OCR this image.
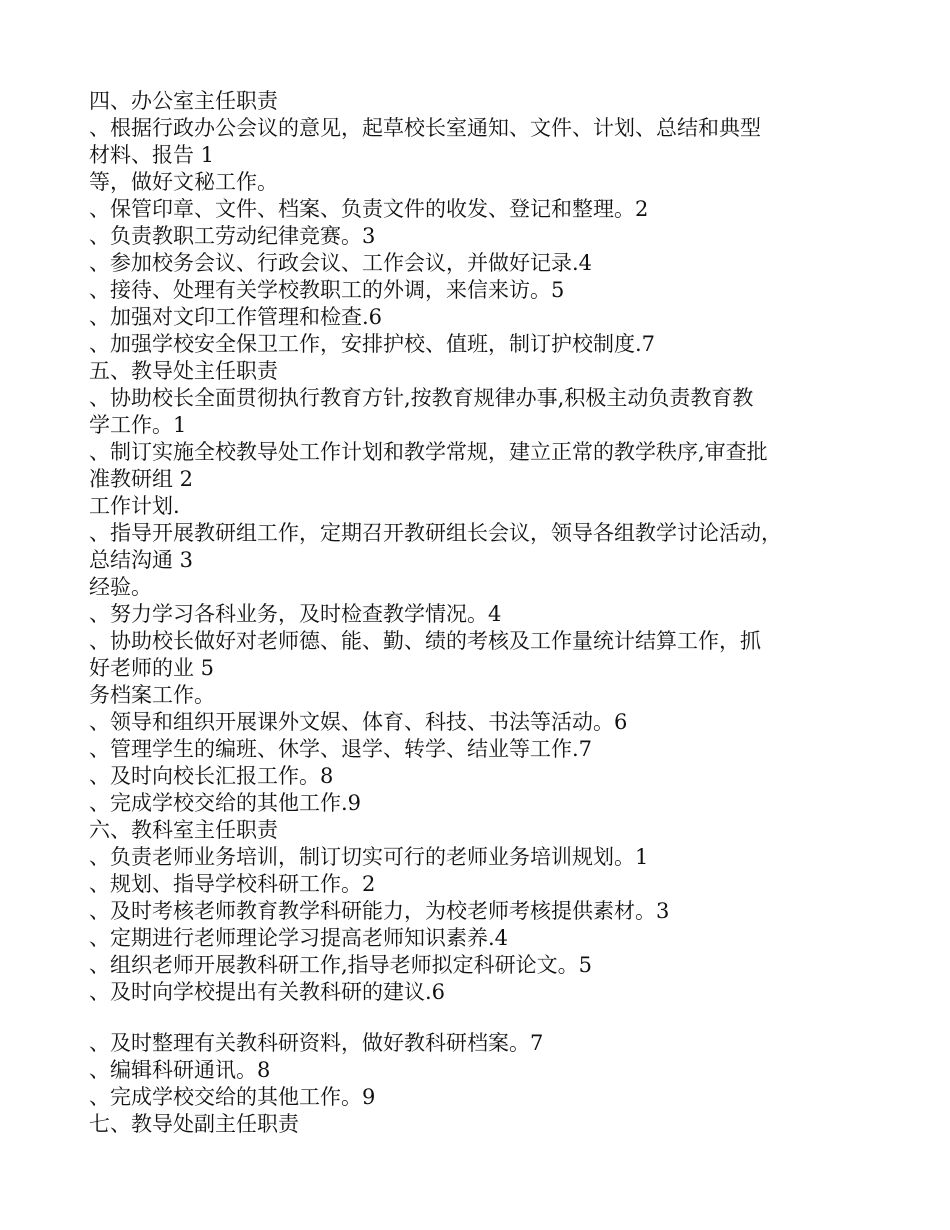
四、办公室主任职责
、根据行政办公会议的意见，起草校长室通知、文件、计划、总结和典型
材料、报告 1
等，做好文秘工作。
、保管印章、文件、档案、负责文件的收发、登记和整理。2
、负责教职工劳动纪律竞赛。3
、参加校务会议、行政会议、工作会议，并做好记录.4
、接待、处理有关学校教职工的外调，来信来访。5
、加强对文印工作管理和检查.6
、加强学校安全保卫工作，安排护校、值班，制订护校制度.7
五、教导处主任职责
、协助校长全面贯彻执行教育方针,按教育规律办事,积极主动负责教育教
学工作。1
、制订实施全校教导处工作计划和教学常规，建立正常的教学秩序,审查批
准教研组 2
工作计划.
、指导开展教研组工作，定期召开教研组长会议，领导各组教学讨论活动，
总结沟通 3
经验。
、努力学习各科业务，及时检查教学情况。4
、协助校长做好对老师德、能、勤、绩的考核及工作量统计结算工作，抓
好老师的业 5
务档案工作。
、领导和组织开展课外文娱、体育、科技、书法等活动。6
、管理学生的编班、休学、退学、转学、结业等工作.7
、及时向校长汇报工作。8
、完成学校交给的其他工作.9
六、教科室主任职责
、负责老师业务培训，制订切实可行的老师业务培训规划。1
、规划、指导学校科研工作。2
、及时考核老师教育教学科研能力，为校老师考核提供素材。3
、定期进行老师理论学习提高老师知识素养.4
、组织老师开展教科研工作,指导老师拟定科研论文。5
、及时向学校提出有关教科研的建议.6
、及时整理有关教科研资料，做好教科研档案。7
、编辑科研通讯。8
、完成学校交给的其他工作。9
七、教导处副主任职责
